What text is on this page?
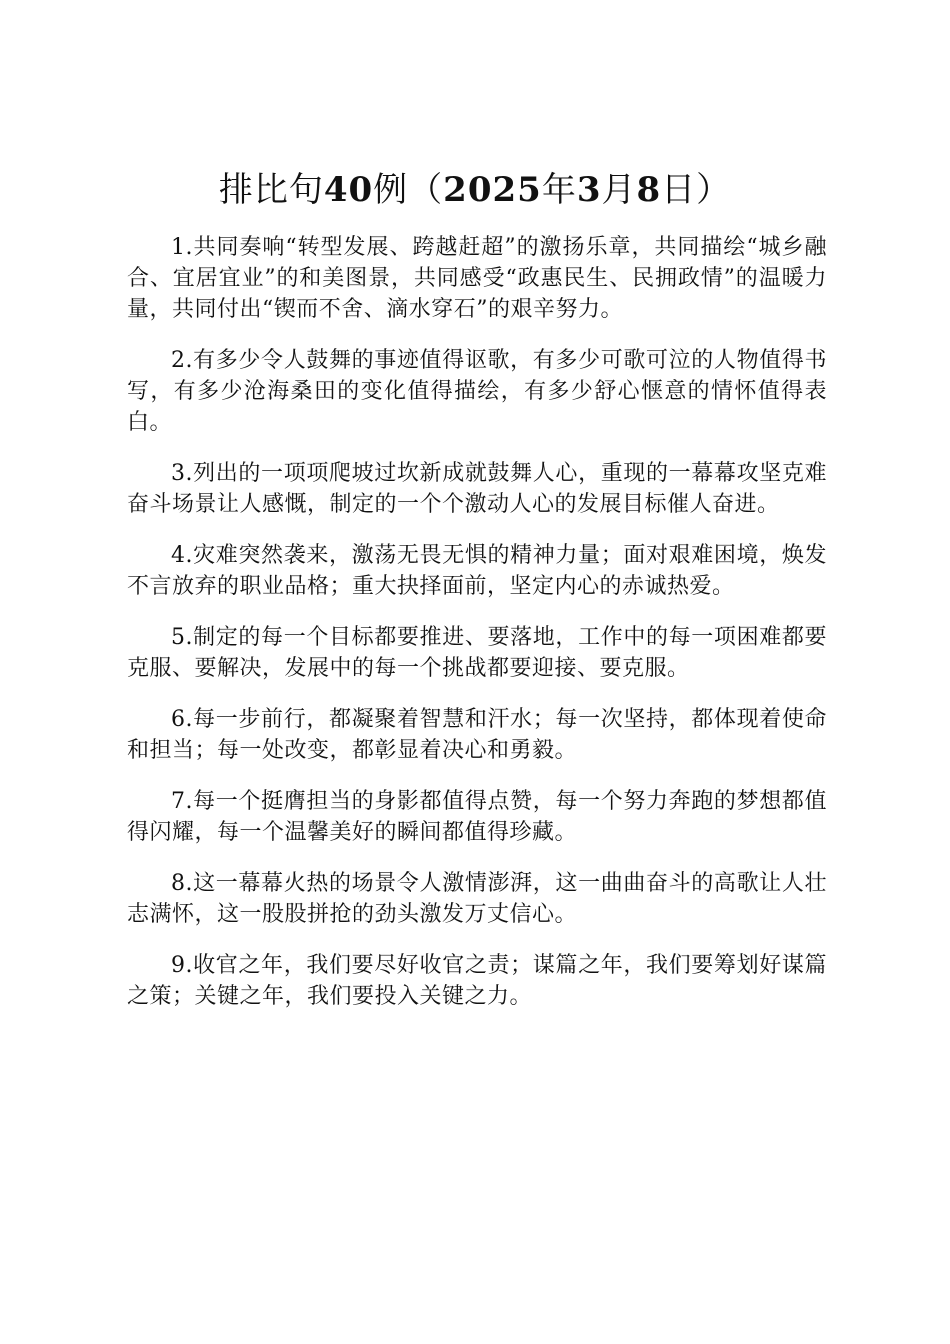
排比句40例（2025年3月8日）

1.共同奏响“转型发展、跨越赶超”的激扬乐章，共同描绘“城乡融合、宜居宜业”的和美图景，共同感受“政惠民生、民拥政情”的温暖力量，共同付出“锲而不舍、滴水穿石”的艰辛努力。

2.有多少令人鼓舞的事迹值得讴歌，有多少可歌可泣的人物值得书写，有多少沧海桑田的变化值得描绘，有多少舒心惬意的情怀值得表白。

3.列出的一项项爬坡过坎新成就鼓舞人心，重现的一幕幕攻坚克难奋斗场景让人感慨，制定的一个个激动人心的发展目标催人奋进。

4.灾难突然袭来，激荡无畏无惧的精神力量；面对艰难困境，焕发不言放弃的职业品格；重大抉择面前，坚定内心的赤诚热爱。

5.制定的每一个目标都要推进、要落地，工作中的每一项困难都要克服、要解决，发展中的每一个挑战都要迎接、要克服。

6.每一步前行，都凝聚着智慧和汗水；每一次坚持，都体现着使命和担当；每一处改变，都彰显着决心和勇毅。

7.每一个挺膺担当的身影都值得点赞，每一个努力奔跑的梦想都值得闪耀，每一个温馨美好的瞬间都值得珍藏。

8.这一幕幕火热的场景令人激情澎湃，这一曲曲奋斗的高歌让人壮志满怀，这一股股拼抢的劲头激发万丈信心。

9.收官之年，我们要尽好收官之责；谋篇之年，我们要筹划好谋篇之策；关键之年，我们要投入关键之力。
